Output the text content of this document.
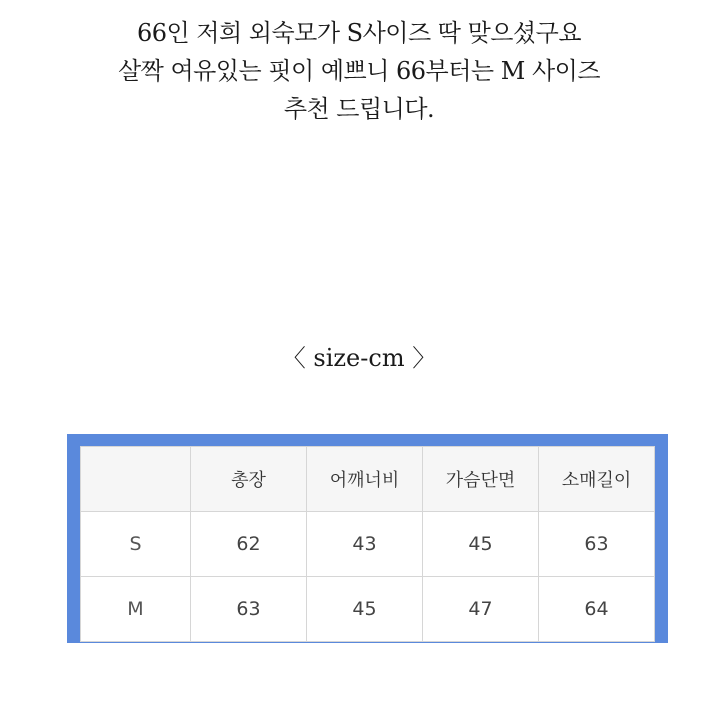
66인 저희 외숙모가 S사이즈 딱 맞으셨구요
살짝 여유있는 핏이 예쁘니 66부터는 M 사이즈
추천 드립니다.
〈 size-cm 〉
	총장	어깨너비	가슴단면	소매길이
S	62	43	45	63
M	63	45	47	64
